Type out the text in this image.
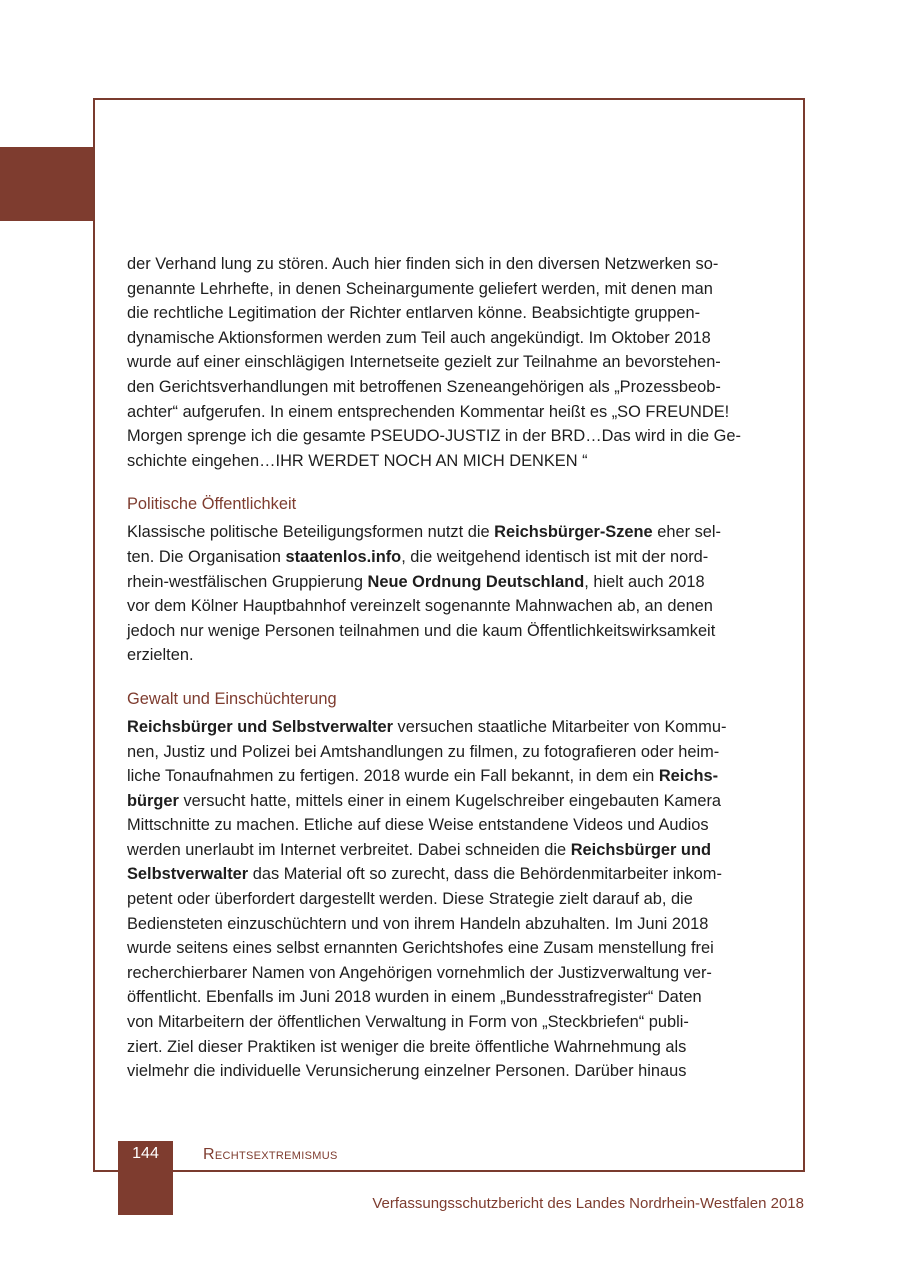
der Verhand lung zu stören. Auch hier finden sich in den diversen Netzwerken so-
genannte Lehrhefte, in denen Scheinargumente geliefert werden, mit denen man
die rechtliche Legitimation der Richter entlarven könne. Beabsichtigte gruppen-
dynamische Aktionsformen werden zum Teil auch angekündigt. Im Oktober 2018
wurde auf einer einschlägigen Internetseite gezielt zur Teilnahme an bevorstehen-
den Gerichtsverhandlungen mit betroffenen Szeneangehörigen als „Prozessbeob-
achter“ aufgerufen. In einem entsprechenden Kommentar heißt es „SO FREUNDE!
Morgen sprenge ich die gesamte PSEUDO-JUSTIZ in der BRD…Das wird in die Ge-
schichte eingehen…IHR WERDET NOCH AN MICH DENKEN “

Politische Öffentlichkeit

Klassische politische Beteiligungsformen nutzt die Reichsbürger-Szene eher sel-
ten. Die Organisation staatenlos.info, die weitgehend identisch ist mit der nord-
rhein-westfälischen Gruppierung Neue Ordnung Deutschland, hielt auch 2018
vor dem Kölner Hauptbahnhof vereinzelt sogenannte Mahnwachen ab, an denen
jedoch nur wenige Personen teilnahmen und die kaum Öffentlichkeitswirksamkeit
erzielten.

Gewalt und Einschüchterung

Reichsbürger und Selbstverwalter versuchen staatliche Mitarbeiter von Kommu-
nen, Justiz und Polizei bei Amtshandlungen zu filmen, zu fotografieren oder heim-
liche Tonaufnahmen zu fertigen. 2018 wurde ein Fall bekannt, in dem ein Reichs-
bürger versucht hatte, mittels einer in einem Kugelschreiber eingebauten Kamera
Mittschnitte zu machen. Etliche auf diese Weise entstandene Videos und Audios
werden unerlaubt im Internet verbreitet. Dabei schneiden die Reichsbürger und
Selbstverwalter das Material oft so zurecht, dass die Behördenmitarbeiter inkom-
petent oder überfordert dargestellt werden. Diese Strategie zielt darauf ab, die
Bediensteten einzuschüchtern und von ihrem Handeln abzuhalten. Im Juni 2018
wurde seitens eines selbst ernannten Gerichtshofes eine Zusam menstellung frei
recherchierbarer Namen von Angehörigen vornehmlich der Justizverwaltung ver-
öffentlicht. Ebenfalls im Juni 2018 wurden in einem „Bundesstrafregister“ Daten
von Mitarbeitern der öffentlichen Verwaltung in Form von „Steckbriefen“ publi-
ziert. Ziel dieser Praktiken ist weniger die breite öffentliche Wahrnehmung als
vielmehr die individuelle Verunsicherung einzelner Personen. Darüber hinaus

144	Rechtsextremismus
Verfassungsschutzbericht des Landes Nordrhein-Westfalen 2018
